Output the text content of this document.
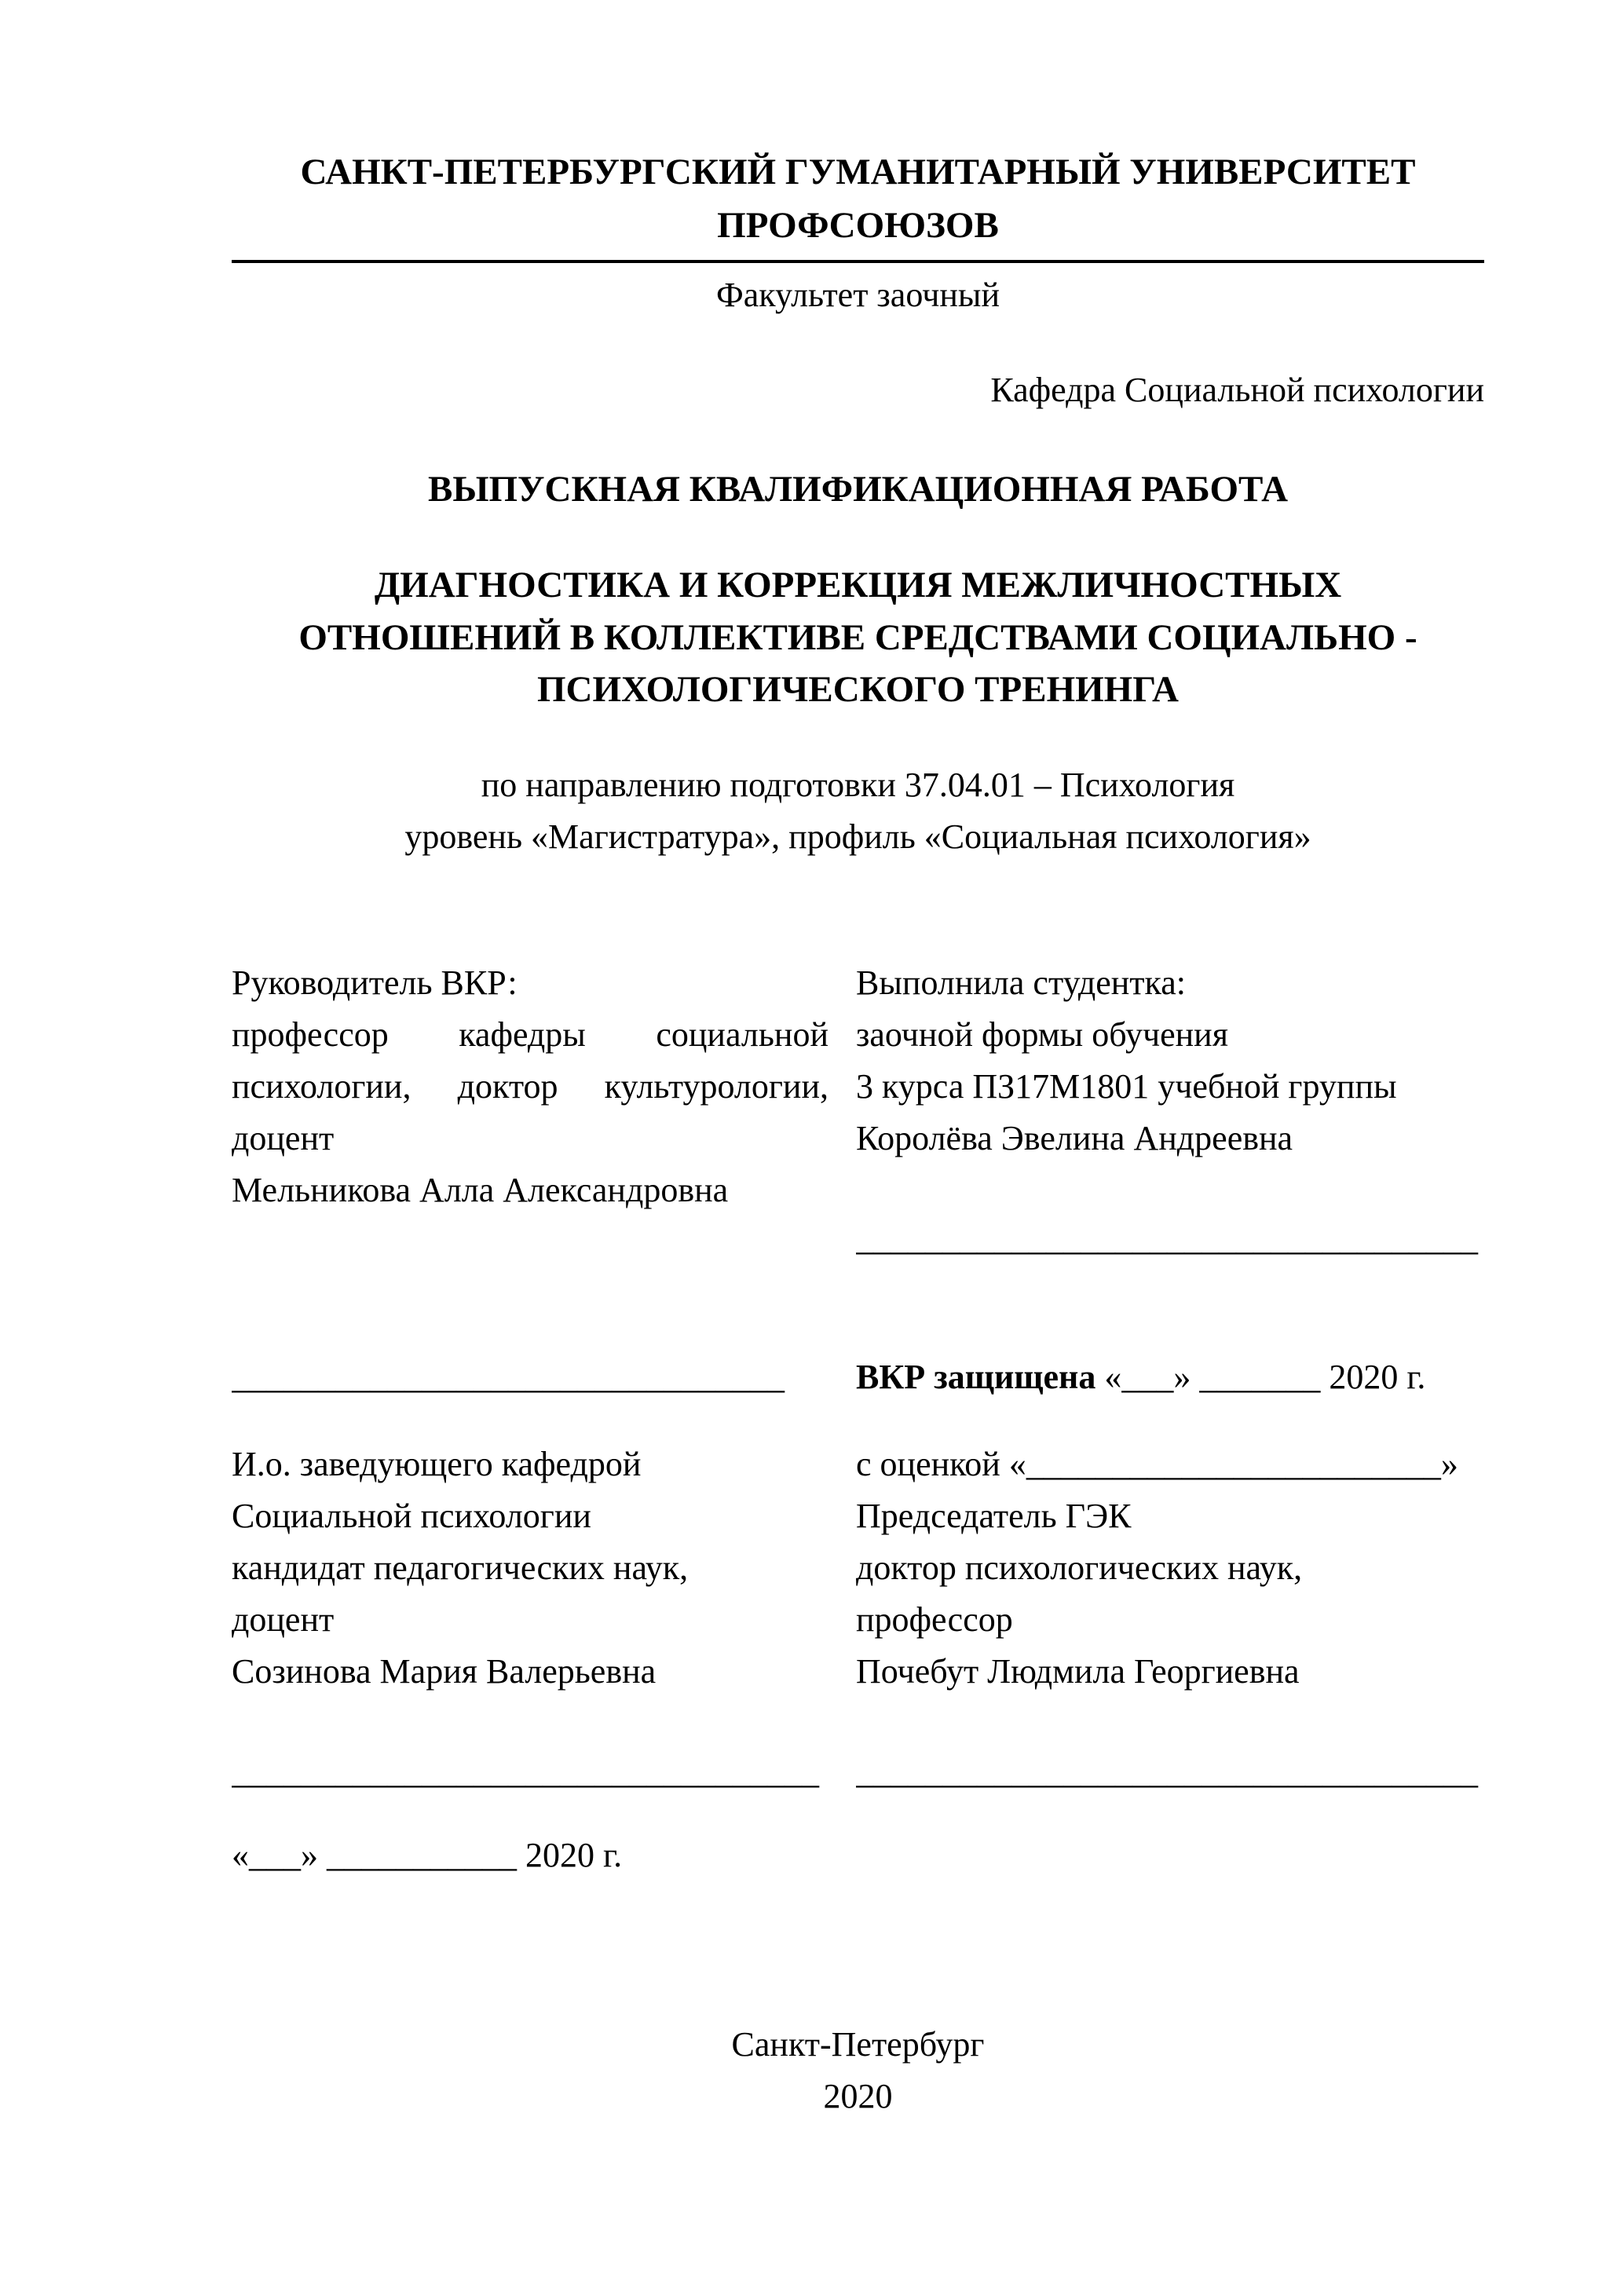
САНКТ-ПЕТЕРБУРГСКИЙ ГУМАНИТАРНЫЙ УНИВЕРСИТЕТ
ПРОФСОЮЗОВ
Факультет заочный
Кафедра Социальной психологии
ВЫПУСКНАЯ КВАЛИФИКАЦИОННАЯ РАБОТА
ДИАГНОСТИКА И КОРРЕКЦИЯ МЕЖЛИЧНОСТНЫХ
ОТНОШЕНИЙ В КОЛЛЕКТИВЕ СРЕДСТВАМИ СОЦИАЛЬНО -
ПСИХОЛОГИЧЕСКОГО ТРЕНИНГА
по направлению подготовки 37.04.01 – Психология
уровень «Магистратура», профиль «Социальная психология»
Руководитель ВКР:
профессор кафедры социальной психологии, доктор культурологии, доцент
Мельникова Алла Александровна
Выполнила студентка:
заочной формы обучения
3 курса ПЗ17М1801 учебной группы
Королёва Эвелина Андреевна
____________________________________
________________________________	ВКР защищена «___» _______ 2020 г.
И.о. заведующего кафедрой
Социальной психологии
кандидат педагогических наук,
доцент
Созинова Мария Валерьевна
с оценкой «________________________»
Председатель ГЭК
доктор психологических наук,
профессор
Почебут Людмила Георгиевна
__________________________________ ____________________________________
«___» ___________ 2020 г.
Санкт-Петербург
2020
